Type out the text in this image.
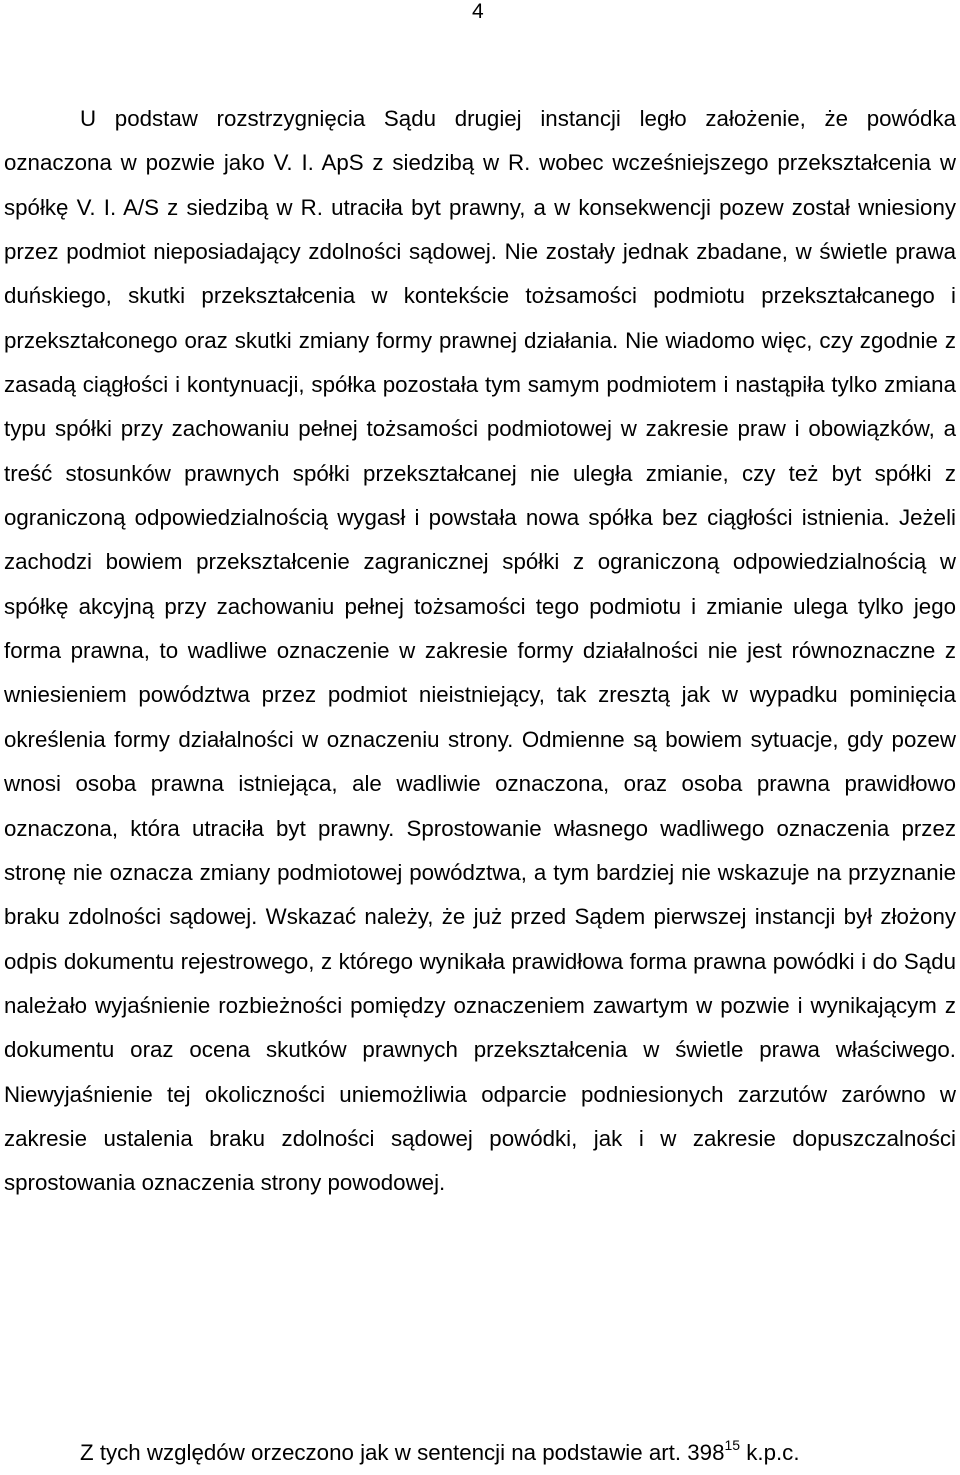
4

U podstaw rozstrzygnięcia Sądu drugiej instancji legło założenie, że powódka oznaczona w pozwie jako V. I. ApS z siedzibą w R. wobec wcześniejszego przekształcenia w spółkę V. I. A/S z siedzibą w R. utraciła byt prawny, a w konsekwencji pozew został wniesiony przez podmiot nieposiadający zdolności sądowej. Nie zostały jednak zbadane, w świetle prawa duńskiego, skutki przekształcenia w kontekście tożsamości podmiotu przekształcanego i przekształconego oraz skutki zmiany formy prawnej działania. Nie wiadomo więc, czy zgodnie z zasadą ciągłości i kontynuacji, spółka pozostała tym samym podmiotem i nastąpiła tylko zmiana typu spółki przy zachowaniu pełnej tożsamości podmiotowej w zakresie praw i obowiązków, a treść stosunków prawnych spółki przekształcanej nie uległa zmianie, czy też byt spółki z ograniczoną odpowiedzialnością wygasł i powstała nowa spółka bez ciągłości istnienia. Jeżeli zachodzi bowiem przekształcenie zagranicznej spółki z ograniczoną odpowiedzialnością w spółkę akcyjną przy zachowaniu pełnej tożsamości tego podmiotu i zmianie ulega tylko jego forma prawna, to wadliwe oznaczenie w zakresie formy działalności nie jest równoznaczne z wniesieniem powództwa przez podmiot nieistniejący, tak zresztą jak w wypadku pominięcia określenia formy działalności w oznaczeniu strony. Odmienne są bowiem sytuacje, gdy pozew wnosi osoba prawna istniejąca, ale wadliwie oznaczona, oraz osoba prawna prawidłowo oznaczona, która utraciła byt prawny. Sprostowanie własnego wadliwego oznaczenia przez stronę nie oznacza zmiany podmiotowej powództwa, a tym bardziej nie wskazuje na przyznanie braku zdolności sądowej. Wskazać należy, że już przed Sądem pierwszej instancji był złożony odpis dokumentu rejestrowego, z którego wynikała prawidłowa forma prawna powódki i do Sądu należało wyjaśnienie rozbieżności pomiędzy oznaczeniem zawartym w pozwie i wynikającym z dokumentu oraz ocena skutków prawnych przekształcenia w świetle prawa właściwego. Niewyjaśnienie tej okoliczności uniemożliwia odparcie podniesionych zarzutów zarówno w zakresie ustalenia braku zdolności sądowej powódki, jak i w zakresie dopuszczalności sprostowania oznaczenia strony powodowej.

Z tych względów orzeczono jak w sentencji na podstawie art. $398^{15}$ k.p.c.
